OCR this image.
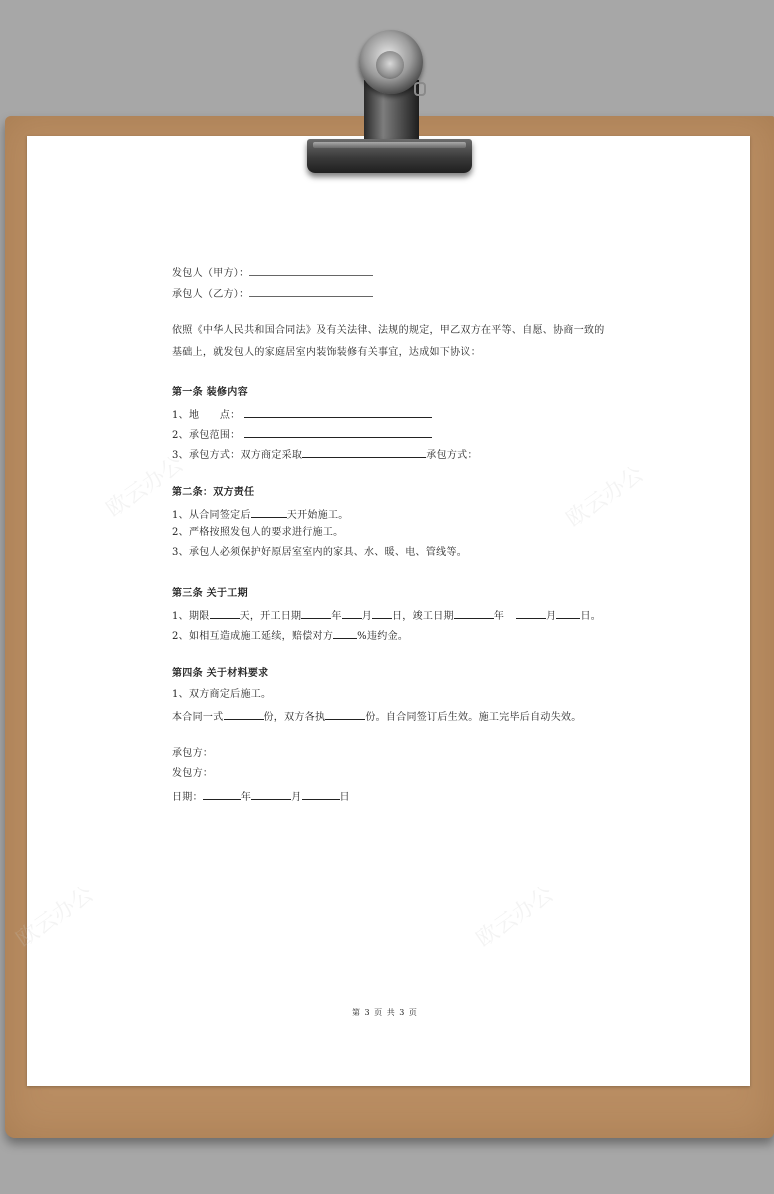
欧云办公	欧云办公
欧云办公	欧云办公
发包人（甲方）：
承包人（乙方）：
依照《中华人民共和国合同法》及有关法律、法规的规定，甲乙双方在平等、自愿、协商一致的
基础上，就发包人的家庭居室内装饰装修有关事宜，达成如下协议：
第一条 装修内容
1、地　　点：
2、承包范围：
3、承包方式：双方商定采取	承包方式：
第二条：双方责任
1、从合同签定后	天开始施工。
2、严格按照发包人的要求进行施工。
3、承包人必须保护好原居室室内的家具、水、暖、电、管线等。
第三条 关于工期
1、期限	天，开工日期	年 月 日，竣工日期	年	月 日。
2、如相互造成施工延续，赔偿对方 %违约金。
第四条 关于材料要求
1、双方商定后施工。
本合同一式	份，双方各执	份。自合同签订后生效。施工完毕后自动失效。
承包方：
发包方：
日期：	年	月	日
第 3 页 共 3 页
